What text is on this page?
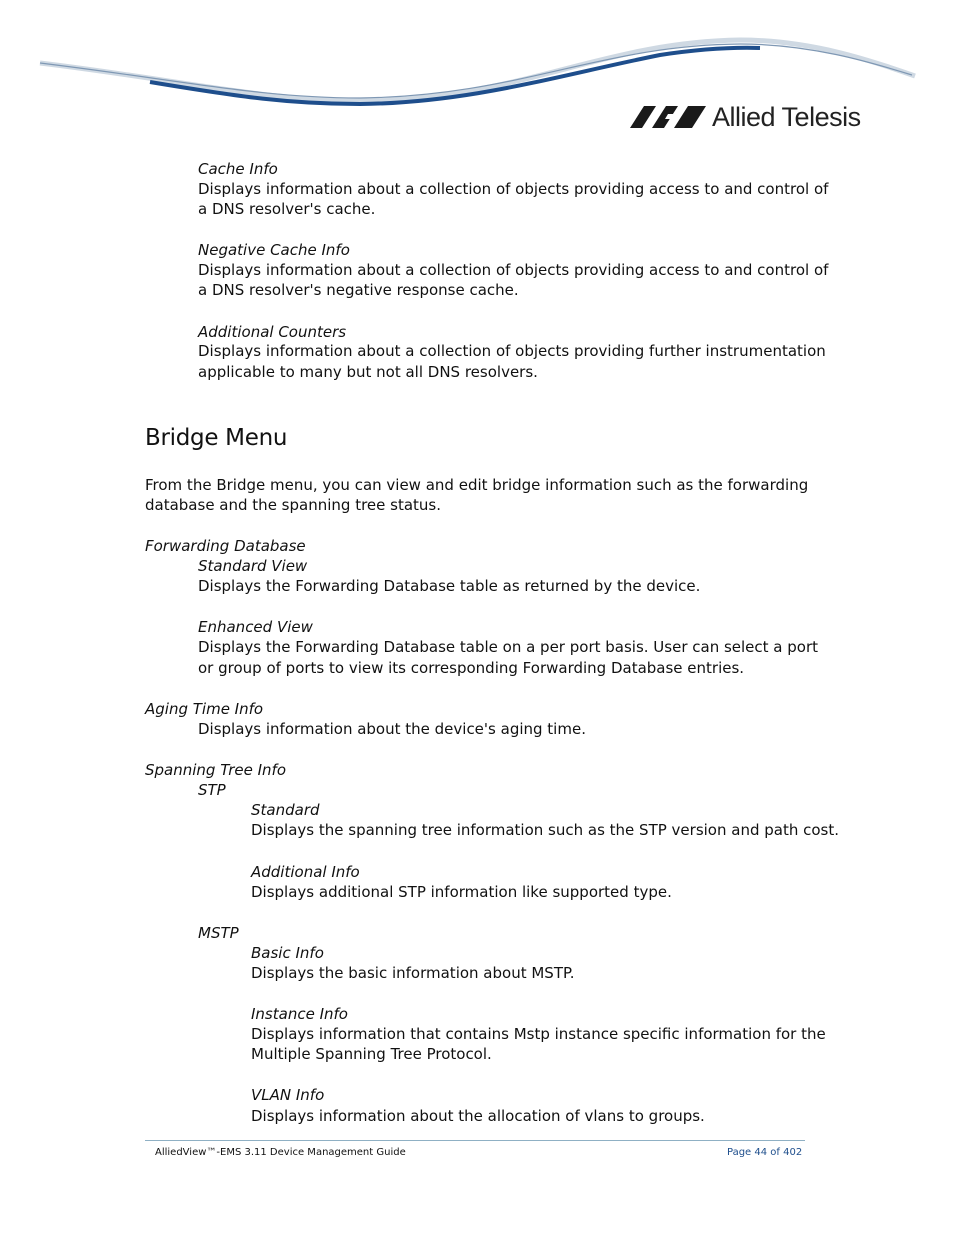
Allied Telesis
Cache Info
Displays information about a collection of objects providing access to and control of
a DNS resolver's cache.
Negative Cache Info
Displays information about a collection of objects providing access to and control of
a DNS resolver's negative response cache.
Additional Counters
Displays information about a collection of objects providing further instrumentation
applicable to many but not all DNS resolvers.
Bridge Menu
From the Bridge menu, you can view and edit bridge information such as the forwarding
database and the spanning tree status.
Forwarding Database
Standard View
Displays the Forwarding Database table as returned by the device.
Enhanced View
Displays the Forwarding Database table on a per port basis. User can select a port
or group of ports to view its corresponding Forwarding Database entries.
Aging Time Info
Displays information about the device's aging time.
Spanning Tree Info
STP
Standard
Displays the spanning tree information such as the STP version and path cost.
Additional Info
Displays additional STP information like supported type.
MSTP
Basic Info
Displays the basic information about MSTP.
Instance Info
Displays information that contains Mstp instance specific information for the
Multiple Spanning Tree Protocol.
VLAN Info
Displays information about the allocation of vlans to groups.
AlliedView™-EMS 3.11 Device Management Guide	Page 44 of 402
